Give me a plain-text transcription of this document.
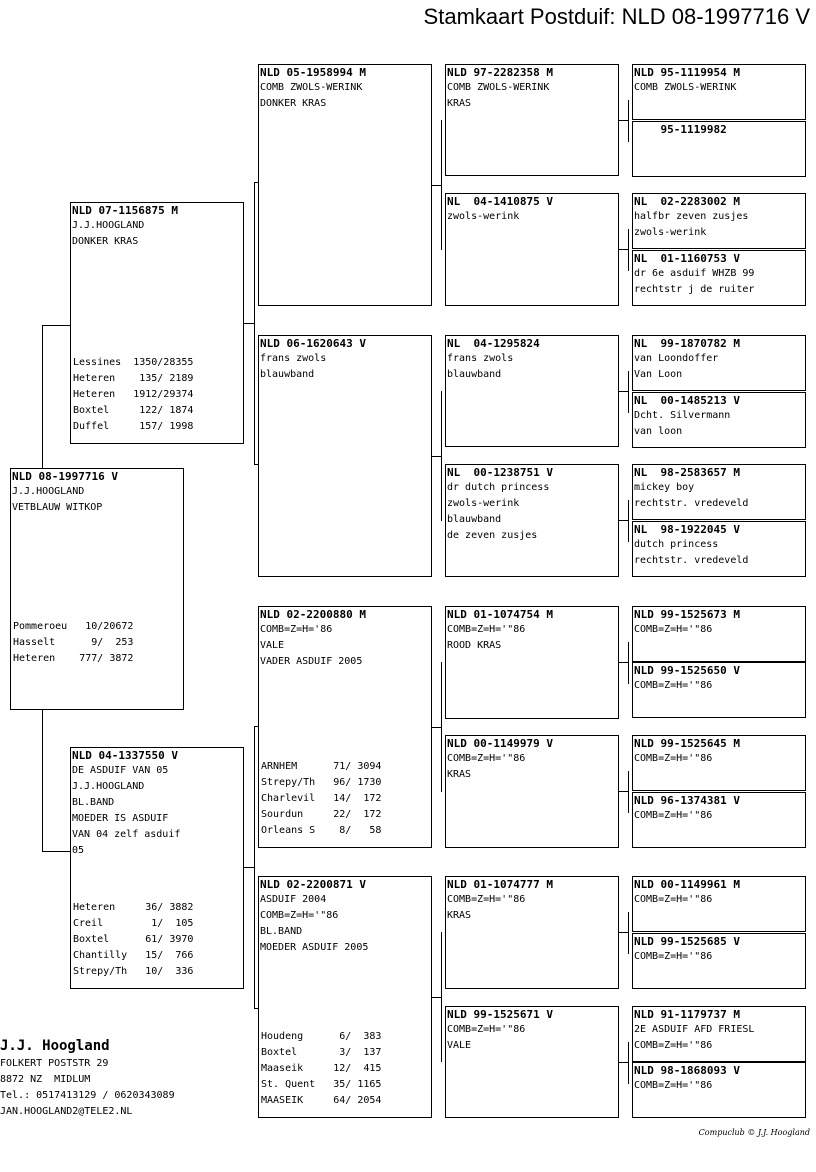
Stamkaart Postduif: NLD 08-1997716 V
NLD 08-1997716 V
J.J.HOOGLAND
VETBLAUW WITKOP
Pommeroeu   10/20672
Hasselt      9/  253
Heteren    777/ 3872
NLD 07-1156875 M
J.J.HOOGLAND
DONKER KRAS
Lessines  1350/28355
Heteren    135/ 2189
Heteren   1912/29374
Boxtel     122/ 1874
Duffel     157/ 1998
NLD 04-1337550 V
DE ASDUIF VAN 05
J.J.HOOGLAND
BL.BAND
MOEDER IS ASDUIF
VAN 04 zelf asduif
05
Heteren     36/ 3882
Creil        1/  105
Boxtel      61/ 3970
Chantilly   15/  766
Strepy/Th   10/  336
NLD 05-1958994 M
COMB ZWOLS-WERINK
DONKER KRAS
NLD 06-1620643 V
frans zwols
blauwband
NLD 02-2200880 M
COMB=Z=H='86
VALE
VADER ASDUIF 2005
ARNHEM      71/ 3094
Strepy/Th   96/ 1730
Charlevil   14/  172
Sourdun     22/  172
Orleans S    8/   58
NLD 02-2200871 V
ASDUIF 2004
COMB=Z=H='"86
BL.BAND
MOEDER ASDUIF 2005
Houdeng      6/  383
Boxtel       3/  137
Maaseik     12/  415
St. Quent   35/ 1165
MAASEIK     64/ 2054
NLD 97-2282358 M
COMB ZWOLS-WERINK
KRAS
NL  04-1410875 V
zwols-werink
NL  04-1295824
frans zwols
blauwband
NL  00-1238751 V
dr dutch princess
zwols-werink
blauwband
de zeven zusjes
NLD 01-1074754 M
COMB=Z=H='"86
ROOD KRAS
NLD 00-1149979 V
COMB=Z=H='"86
KRAS
NLD 01-1074777 M
COMB=Z=H='"86
KRAS
NLD 99-1525671 V
COMB=Z=H='"86
VALE
NLD 95-1119954 M
COMB ZWOLS-WERINK
95-1119982
NL  02-2283002 M
halfbr zeven zusjes
zwols-werink
NL  01-1160753 V
dr 6e asduif WHZB 99
rechtstr j de ruiter
NL  99-1870782 M
van Loondoffer
Van Loon
NL  00-1485213 V
Dcht. Silvermann
van loon
NL  98-2583657 M
mickey boy
rechtstr. vredeveld
NL  98-1922045 V
dutch princess
rechtstr. vredeveld
NLD 99-1525673 M
COMB=Z=H='"86
NLD 99-1525650 V
COMB=Z=H='"86
NLD 99-1525645 M
COMB=Z=H='"86
NLD 96-1374381 V
COMB=Z=H='"86
NLD 00-1149961 M
COMB=Z=H='"86
NLD 99-1525685 V
COMB=Z=H='"86
NLD 91-1179737 M
2E ASDUIF AFD FRIESL
COMB=Z=H='"86
NLD 98-1868093 V
COMB=Z=H='"86
J.J. Hoogland
FOLKERT POSTSTR 29
8872 NZ  MIDLUM
Tel.: 0517413129 / 0620343089
JAN.HOOGLAND2@TELE2.NL
Compuclub © J.J. Hoogland
